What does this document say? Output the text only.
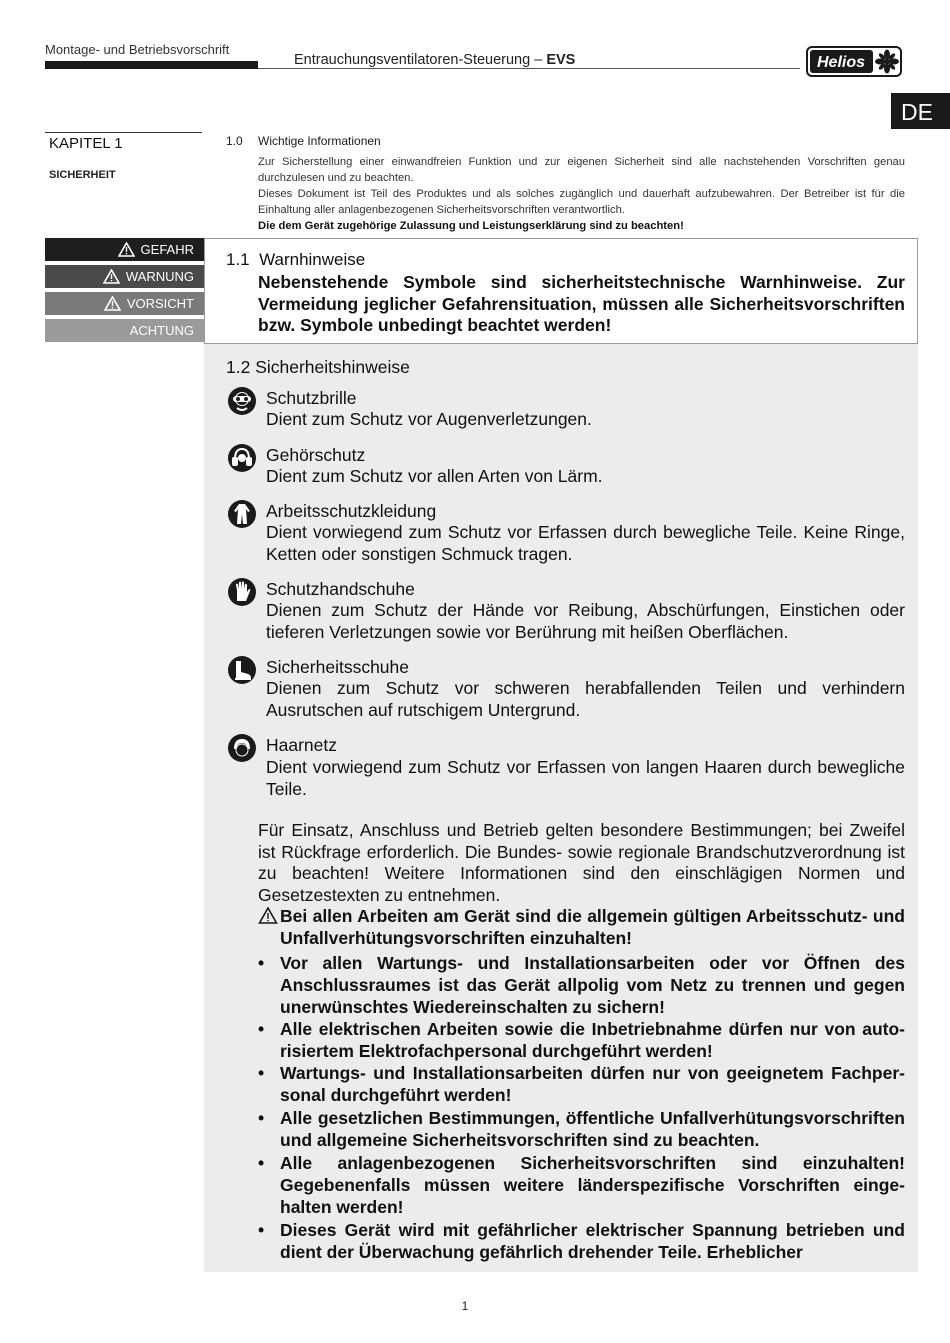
Montage- und Betriebsvorschrift
Entrauchungsventilatoren-Steuerung – EVS	Helios
DE
KAPITEL 1
SICHERHEIT
1.0 Wichtige Informationen

Zur Sicherstellung einer einwandfreien Funktion und zur eigenen Sicherheit sind alle nachstehenden Vorschriften genau durchzulesen und zu beachten.

Dieses Dokument ist Teil des Produktes und als solches zugänglich und dauerhaft aufzubewahren. Der Betreiber ist für die Einhaltung aller anlagenbezogenen Sicherheitsvorschriften verantwortlich.

Die dem Gerät zugehörige Zulassung und Leistungserklärung sind zu beachten!

GEFAHR
WARNUNG
VORSICHT
ACHTUNG
1.1 Warnhinweise
Nebenstehende Symbole sind sicherheitstechnische Warnhinweise. Zur Vermeidung jeglicher Gefahrensituation, müssen alle Sicherheitsvorschriften bzw. Symbole unbedingt beachtet werden!
1.2 Sicherheitshinweise
Schutzbrille
Dient zum Schutz vor Augenverletzungen.
Gehörschutz
Dient zum Schutz vor allen Arten von Lärm.
Arbeitsschutzkleidung
Dient vorwiegend zum Schutz vor Erfassen durch bewegliche Teile. Keine Ringe, Ketten oder sonstigen Schmuck tragen.
Schutzhandschuhe
Dienen zum Schutz der Hände vor Reibung, Abschürfungen, Einstichen oder tieferen Verletzungen sowie vor Berührung mit heißen Oberflächen.
Sicherheitsschuhe
Dienen zum Schutz vor schweren herabfallenden Teilen und verhindern Ausrutschen auf rutschigem Untergrund.
Haarnetz
Dient vorwiegend zum Schutz vor Erfassen von langen Haaren durch bewegliche Teile.
Für Einsatz, Anschluss und Betrieb gelten besondere Bestimmungen; bei Zweifel ist Rückfrage erforderlich. Die Bundes- sowie regionale Brandschutzverordnung ist zu beachten! Weitere Informationen sind den einschlägigen Normen und Gesetzestexten zu entnehmen.
Bei allen Arbeiten am Gerät sind die allgemein gültigen Arbeitsschutz- und Unfallverhütungsvorschriften einzuhalten!
• Vor allen Wartungs- und Installationsarbeiten oder vor Öffnen des Anschlussraumes ist das Gerät allpolig vom Netz zu trennen und gegen unerwünschtes Wiedereinschalten zu sichern!
• Alle elektrischen Arbeiten sowie die Inbetriebnahme dürfen nur von autorisiertem Elektrofachpersonal durchgeführt werden!
• Wartungs- und Installationsarbeiten dürfen nur von geeignetem Fachpersonal durchgeführt werden!
• Alle gesetzlichen Bestimmungen, öffentliche Unfallverhütungsvorschriften und allgemeine Sicherheitsvorschriften sind zu beachten.
• Alle anlagenbezogenen Sicherheitsvorschriften sind einzuhalten! Gegebenenfalls müssen weitere länderspezifische Vorschriften eingehalten werden!
• Dieses Gerät wird mit gefährlicher elektrischer Spannung betrieben und dient der Überwachung gefährlich drehender Teile. Erheblicher
1
